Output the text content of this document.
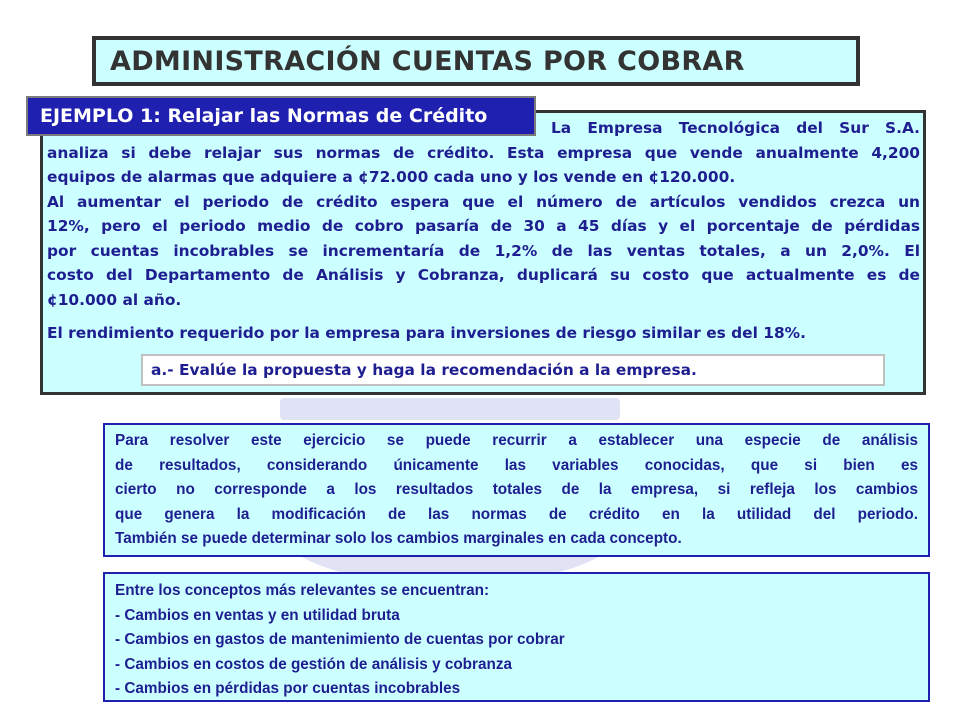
ADMINISTRACIÓN CUENTAS POR COBRAR
La Empresa Tecnológica del Sur S.A.
analiza si debe relajar sus normas de crédito. Esta empresa que vende anualmente 4,200
equipos de alarmas que adquiere a ¢72.000 cada uno y los vende en ¢120.000.
Al aumentar el periodo de crédito espera que el número de artículos vendidos crezca un
12%, pero el periodo medio de cobro pasaría de 30 a 45 días y el porcentaje de pérdidas
por cuentas incobrables se incrementaría de 1,2% de las ventas totales, a un 2,0%. El
costo del Departamento de Análisis y Cobranza, duplicará su costo que actualmente es de
¢10.000 al año.
El rendimiento requerido por la empresa para inversiones de riesgo similar es del 18%.
a.- Evalúe la propuesta y haga la recomendación a la empresa.
EJEMPLO 1: Relajar las Normas de Crédito

Para resolver este ejercicio se puede recurrir a establecer una especie de análisis
de resultados, considerando únicamente las variables conocidas, que si bien es
cierto no corresponde a los resultados totales de la empresa, si refleja los cambios
que genera la modificación de las normas de crédito en la utilidad del periodo.
También se puede determinar solo los cambios marginales en cada concepto.

Entre los conceptos más relevantes se encuentran:
- Cambios en ventas y en utilidad bruta
- Cambios en gastos de mantenimiento de cuentas por cobrar
- Cambios en costos de gestión de análisis y cobranza
- Cambios en pérdidas por cuentas incobrables
